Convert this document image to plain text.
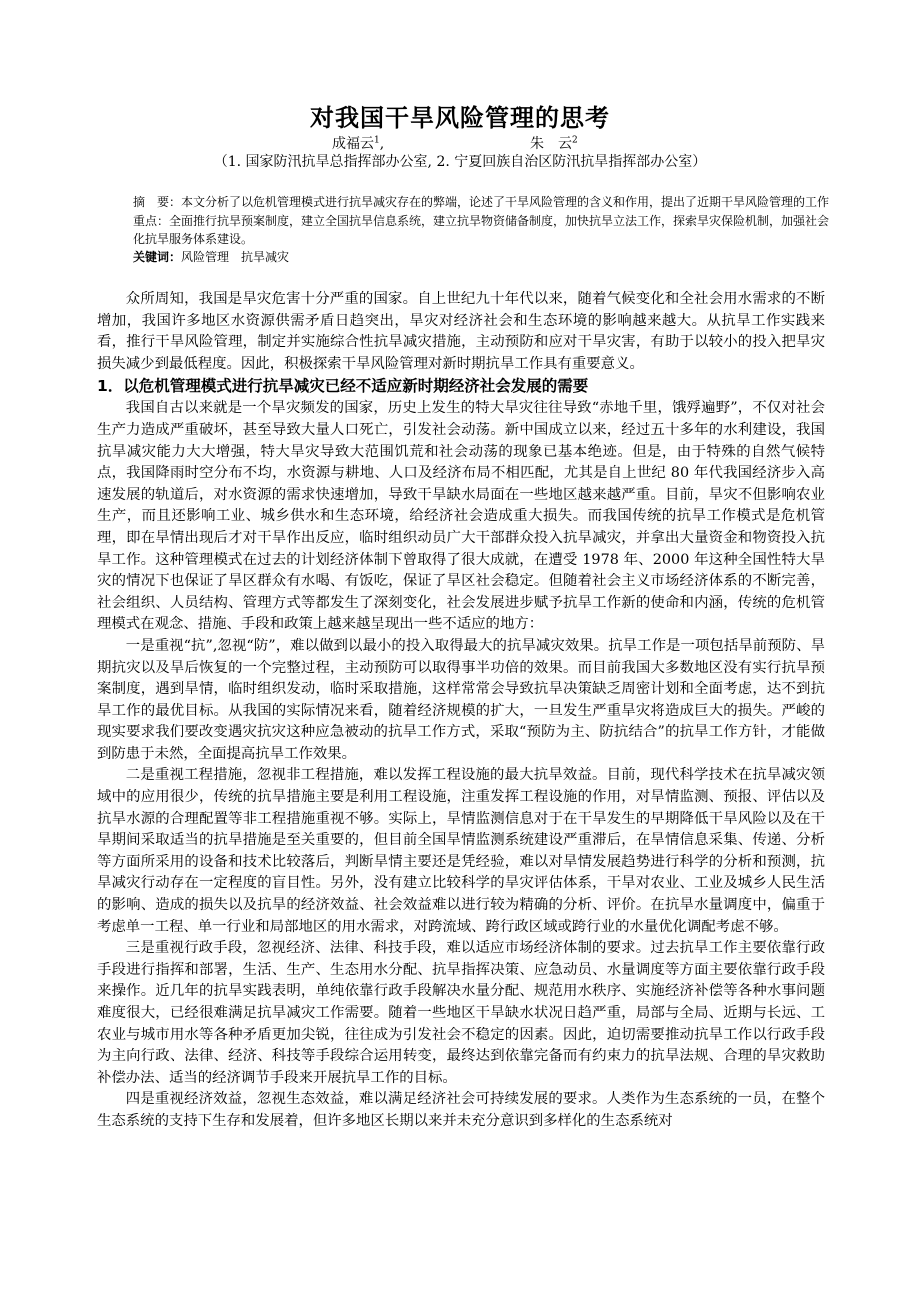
对我国干旱风险管理的思考
成福云$^1$,	朱　云$^2$
（1. 国家防汛抗旱总指挥部办公室, 2. 宁夏回族自治区防汛抗旱指挥部办公室）

摘　要：本文分析了以危机管理模式进行抗旱减灾存在的弊端，论述了干旱风险管理的含义和作用，提出了近期干旱风险管理的工作重点：全面推行抗旱预案制度，建立全国抗旱信息系统，建立抗旱物资储备制度，加快抗旱立法工作，探索旱灾保险机制，加强社会化抗旱服务体系建设。

关键词：风险管理　抗旱减灾

众所周知，我国是旱灾危害十分严重的国家。自上世纪九十年代以来，随着气候变化和全社会用水需求的不断增加，我国许多地区水资源供需矛盾日趋突出，旱灾对经济社会和生态环境的影响越来越大。从抗旱工作实践来看，推行干旱风险管理，制定并实施综合性抗旱减灾措施，主动预防和应对干旱灾害，有助于以较小的投入把旱灾损失减少到最低程度。因此，积极探索干旱风险管理对新时期抗旱工作具有重要意义。

1．以危机管理模式进行抗旱减灾已经不适应新时期经济社会发展的需要

我国自古以来就是一个旱灾频发的国家，历史上发生的特大旱灾往往导致“赤地千里，饿殍遍野”，不仅对社会生产力造成严重破坏，甚至导致大量人口死亡，引发社会动荡。新中国成立以来，经过五十多年的水利建设，我国抗旱减灾能力大大增强，特大旱灾导致大范围饥荒和社会动荡的现象已基本绝迹。但是，由于特殊的自然气候特点，我国降雨时空分布不均，水资源与耕地、人口及经济布局不相匹配，尤其是自上世纪 80 年代我国经济步入高速发展的轨道后，对水资源的需求快速增加，导致干旱缺水局面在一些地区越来越严重。目前，旱灾不但影响农业生产，而且还影响工业、城乡供水和生态环境，给经济社会造成重大损失。而我国传统的抗旱工作模式是危机管理，即在旱情出现后才对干旱作出反应，临时组织动员广大干部群众投入抗旱减灾，并拿出大量资金和物资投入抗旱工作。这种管理模式在过去的计划经济体制下曾取得了很大成就，在遭受 1978 年、2000 年这种全国性特大旱灾的情况下也保证了旱区群众有水喝、有饭吃，保证了旱区社会稳定。但随着社会主义市场经济体系的不断完善，社会组织、人员结构、管理方式等都发生了深刻变化，社会发展进步赋予抗旱工作新的使命和内涵，传统的危机管理模式在观念、措施、手段和政策上越来越呈现出一些不适应的地方：

一是重视“抗”,忽视“防”，难以做到以最小的投入取得最大的抗旱减灾效果。抗旱工作是一项包括旱前预防、旱期抗灾以及旱后恢复的一个完整过程，主动预防可以取得事半功倍的效果。而目前我国大多数地区没有实行抗旱预案制度，遇到旱情，临时组织发动，临时采取措施，这样常常会导致抗旱决策缺乏周密计划和全面考虑，达不到抗旱工作的最优目标。从我国的实际情况来看，随着经济规模的扩大，一旦发生严重旱灾将造成巨大的损失。严峻的现实要求我们要改变遇灾抗灾这种应急被动的抗旱工作方式，采取“预防为主、防抗结合”的抗旱工作方针，才能做到防患于未然，全面提高抗旱工作效果。

二是重视工程措施，忽视非工程措施，难以发挥工程设施的最大抗旱效益。目前，现代科学技术在抗旱减灾领域中的应用很少，传统的抗旱措施主要是利用工程设施，注重发挥工程设施的作用，对旱情监测、预报、评估以及抗旱水源的合理配置等非工程措施重视不够。实际上，旱情监测信息对于在干旱发生的早期降低干旱风险以及在干旱期间采取适当的抗旱措施是至关重要的，但目前全国旱情监测系统建设严重滞后，在旱情信息采集、传递、分析等方面所采用的设备和技术比较落后，判断旱情主要还是凭经验，难以对旱情发展趋势进行科学的分析和预测，抗旱减灾行动存在一定程度的盲目性。另外，没有建立比较科学的旱灾评估体系，干旱对农业、工业及城乡人民生活的影响、造成的损失以及抗旱的经济效益、社会效益难以进行较为精确的分析、评价。在抗旱水量调度中，偏重于考虑单一工程、单一行业和局部地区的用水需求，对跨流域、跨行政区域或跨行业的水量优化调配考虑不够。

三是重视行政手段，忽视经济、法律、科技手段，难以适应市场经济体制的要求。过去抗旱工作主要依靠行政手段进行指挥和部署，生活、生产、生态用水分配、抗旱指挥决策、应急动员、水量调度等方面主要依靠行政手段来操作。近几年的抗旱实践表明，单纯依靠行政手段解决水量分配、规范用水秩序、实施经济补偿等各种水事问题难度很大，已经很难满足抗旱减灾工作需要。随着一些地区干旱缺水状况日趋严重，局部与全局、近期与长远、工农业与城市用水等各种矛盾更加尖锐，往往成为引发社会不稳定的因素。因此，迫切需要推动抗旱工作以行政手段为主向行政、法律、经济、科技等手段综合运用转变，最终达到依靠完备而有约束力的抗旱法规、合理的旱灾救助补偿办法、适当的经济调节手段来开展抗旱工作的目标。

四是重视经济效益，忽视生态效益，难以满足经济社会可持续发展的要求。人类作为生态系统的一员，在整个生态系统的支持下生存和发展着，但许多地区长期以来并未充分意识到多样化的生态系统对
